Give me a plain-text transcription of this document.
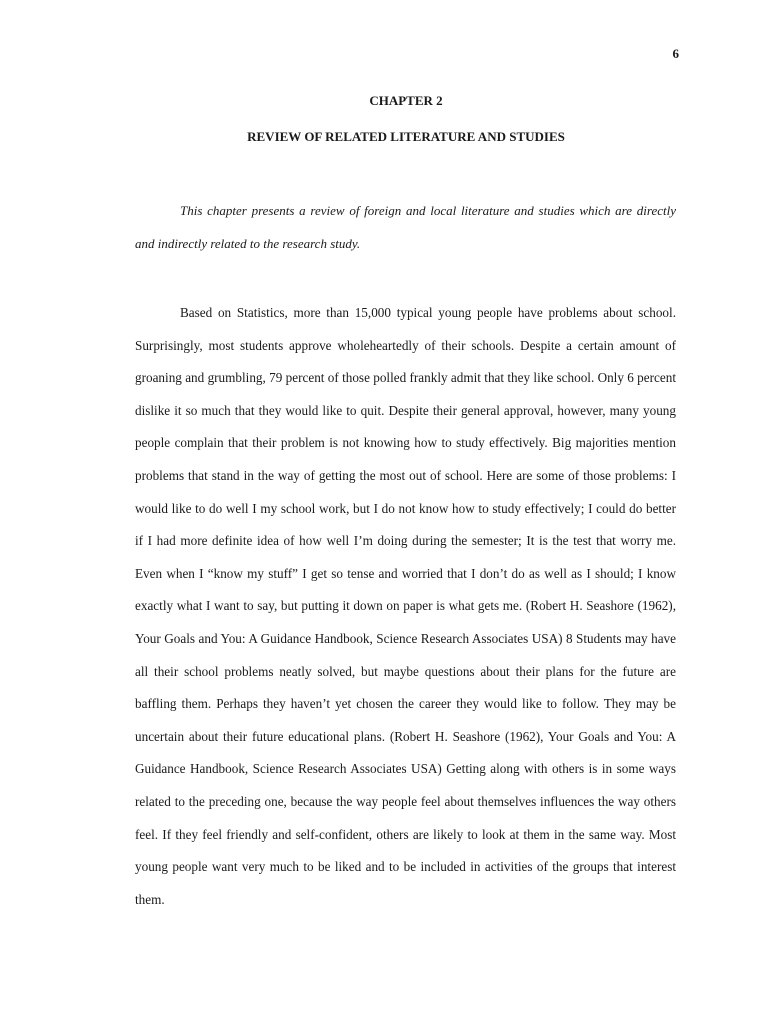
6
CHAPTER 2
REVIEW OF RELATED LITERATURE AND STUDIES

This chapter presents a review of foreign and local literature and studies which are directly and indirectly related to the research study.

Based on Statistics, more than 15,000 typical young people have problems about school. Surprisingly, most students approve wholeheartedly of their schools. Despite a certain amount of groaning and grumbling, 79 percent of those polled frankly admit that they like school. Only 6 percent dislike it so much that they would like to quit. Despite their general approval, however, many young people complain that their problem is not knowing how to study effectively. Big majorities mention problems that stand in the way of getting the most out of school. Here are some of those problems: I would like to do well I my school work, but I do not know how to study effectively; I could do better if I had more definite idea of how well I’m doing during the semester; It is the test that worry me. Even when I “know my stuff” I get so tense and worried that I don’t do as well as I should; I know exactly what I want to say, but putting it down on paper is what gets me. (Robert H. Seashore (1962), Your Goals and You: A Guidance Handbook, Science Research Associates USA) 8 Students may have all their school problems neatly solved, but maybe questions about their plans for the future are baffling them. Perhaps they haven’t yet chosen the career they would like to follow. They may be uncertain about their future educational plans. (Robert H. Seashore (1962), Your Goals and You: A Guidance Handbook, Science Research Associates USA) Getting along with others is in some ways related to the preceding one, because the way people feel about themselves influences the way others feel. If they feel friendly and self-confident, others are likely to look at them in the same way. Most young people want very much to be liked and to be included in activities of the groups that interest them.
